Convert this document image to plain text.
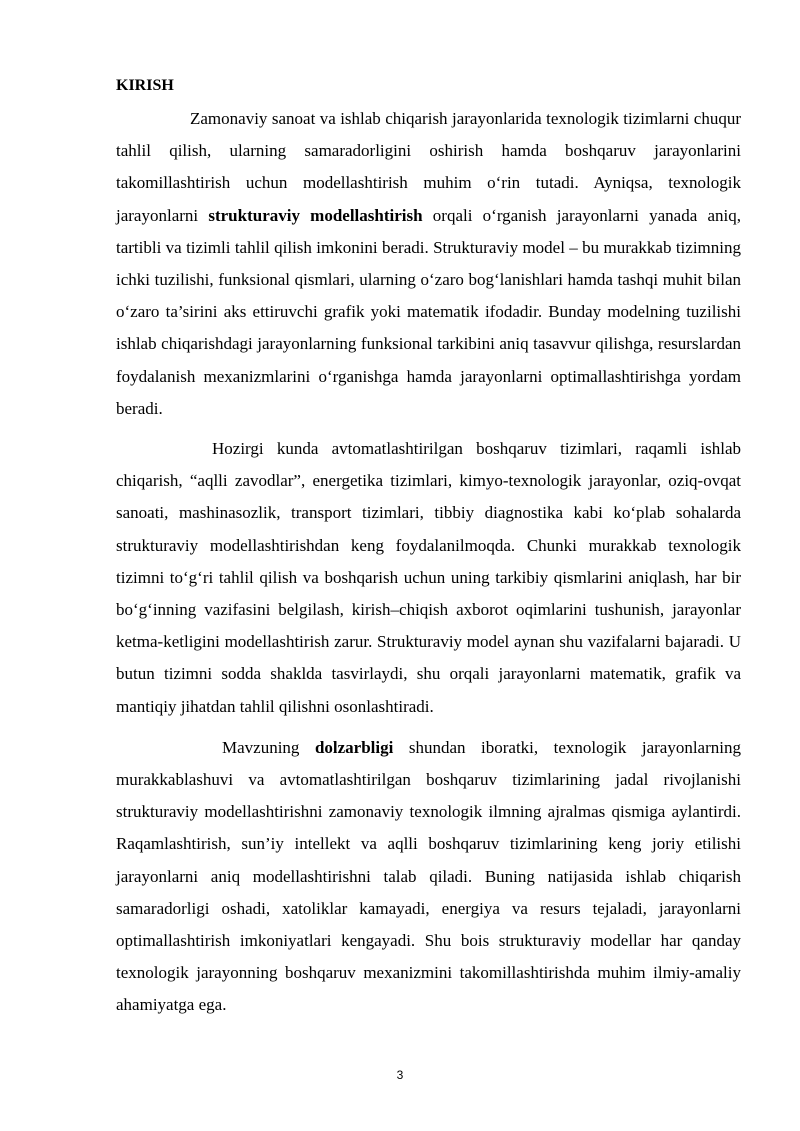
KIRISH

Zamonaviy sanoat va ishlab chiqarish jarayonlarida texnologik tizimlarni chuqur tahlil qilish, ularning samaradorligini oshirish hamda boshqaruv jarayonlarini takomillashtirish uchun modellashtirish muhim o‘rin tutadi. Ayniqsa, texnologik jarayonlarni strukturaviy modellashtirish orqali o‘rganish jarayonlarni yanada aniq, tartibli va tizimli tahlil qilish imkonini beradi. Strukturaviy model – bu murakkab tizimning ichki tuzilishi, funksional qismlari, ularning o‘zaro bog‘lanishlari hamda tashqi muhit bilan o‘zaro ta’sirini aks ettiruvchi grafik yoki matematik ifodadir. Bunday modelning tuzilishi ishlab chiqarishdagi jarayonlarning funksional tarkibini aniq tasavvur qilishga, resurslardan foydalanish mexanizmlarini o‘rganishga hamda jarayonlarni optimallashtirishga yordam beradi.

Hozirgi kunda avtomatlashtirilgan boshqaruv tizimlari, raqamli ishlab chiqarish, “aqlli zavodlar”, energetika tizimlari, kimyo-texnologik jarayonlar, oziq-ovqat sanoati, mashinasozlik, transport tizimlari, tibbiy diagnostika kabi ko‘plab sohalarda strukturaviy modellashtirishdan keng foydalanilmoqda. Chunki murakkab texnologik tizimni to‘g‘ri tahlil qilish va boshqarish uchun uning tarkibiy qismlarini aniqlash, har bir bo‘g‘inning vazifasini belgilash, kirish–chiqish axborot oqimlarini tushunish, jarayonlar ketma-ketligini modellashtirish zarur. Strukturaviy model aynan shu vazifalarni bajaradi. U butun tizimni sodda shaklda tasvirlaydi, shu orqali jarayonlarni matematik, grafik va mantiqiy jihatdan tahlil qilishni osonlashtiradi.

Mavzuning dolzarbligi shundan iboratki, texnologik jarayonlarning murakkablashuvi va avtomatlashtirilgan boshqaruv tizimlarining jadal rivojlanishi strukturaviy modellashtirishni zamonaviy texnologik ilmning ajralmas qismiga aylantirdi. Raqamlashtirish, sun’iy intellekt va aqlli boshqaruv tizimlarining keng joriy etilishi jarayonlarni aniq modellashtirishni talab qiladi. Buning natijasida ishlab chiqarish samaradorligi oshadi, xatoliklar kamayadi, energiya va resurs tejaladi, jarayonlarni optimallashtirish imkoniyatlari kengayadi. Shu bois strukturaviy modellar har qanday texnologik jarayonning boshqaruv mexanizmini takomillashtirishda muhim ilmiy-amaliy ahamiyatga ega.

3
